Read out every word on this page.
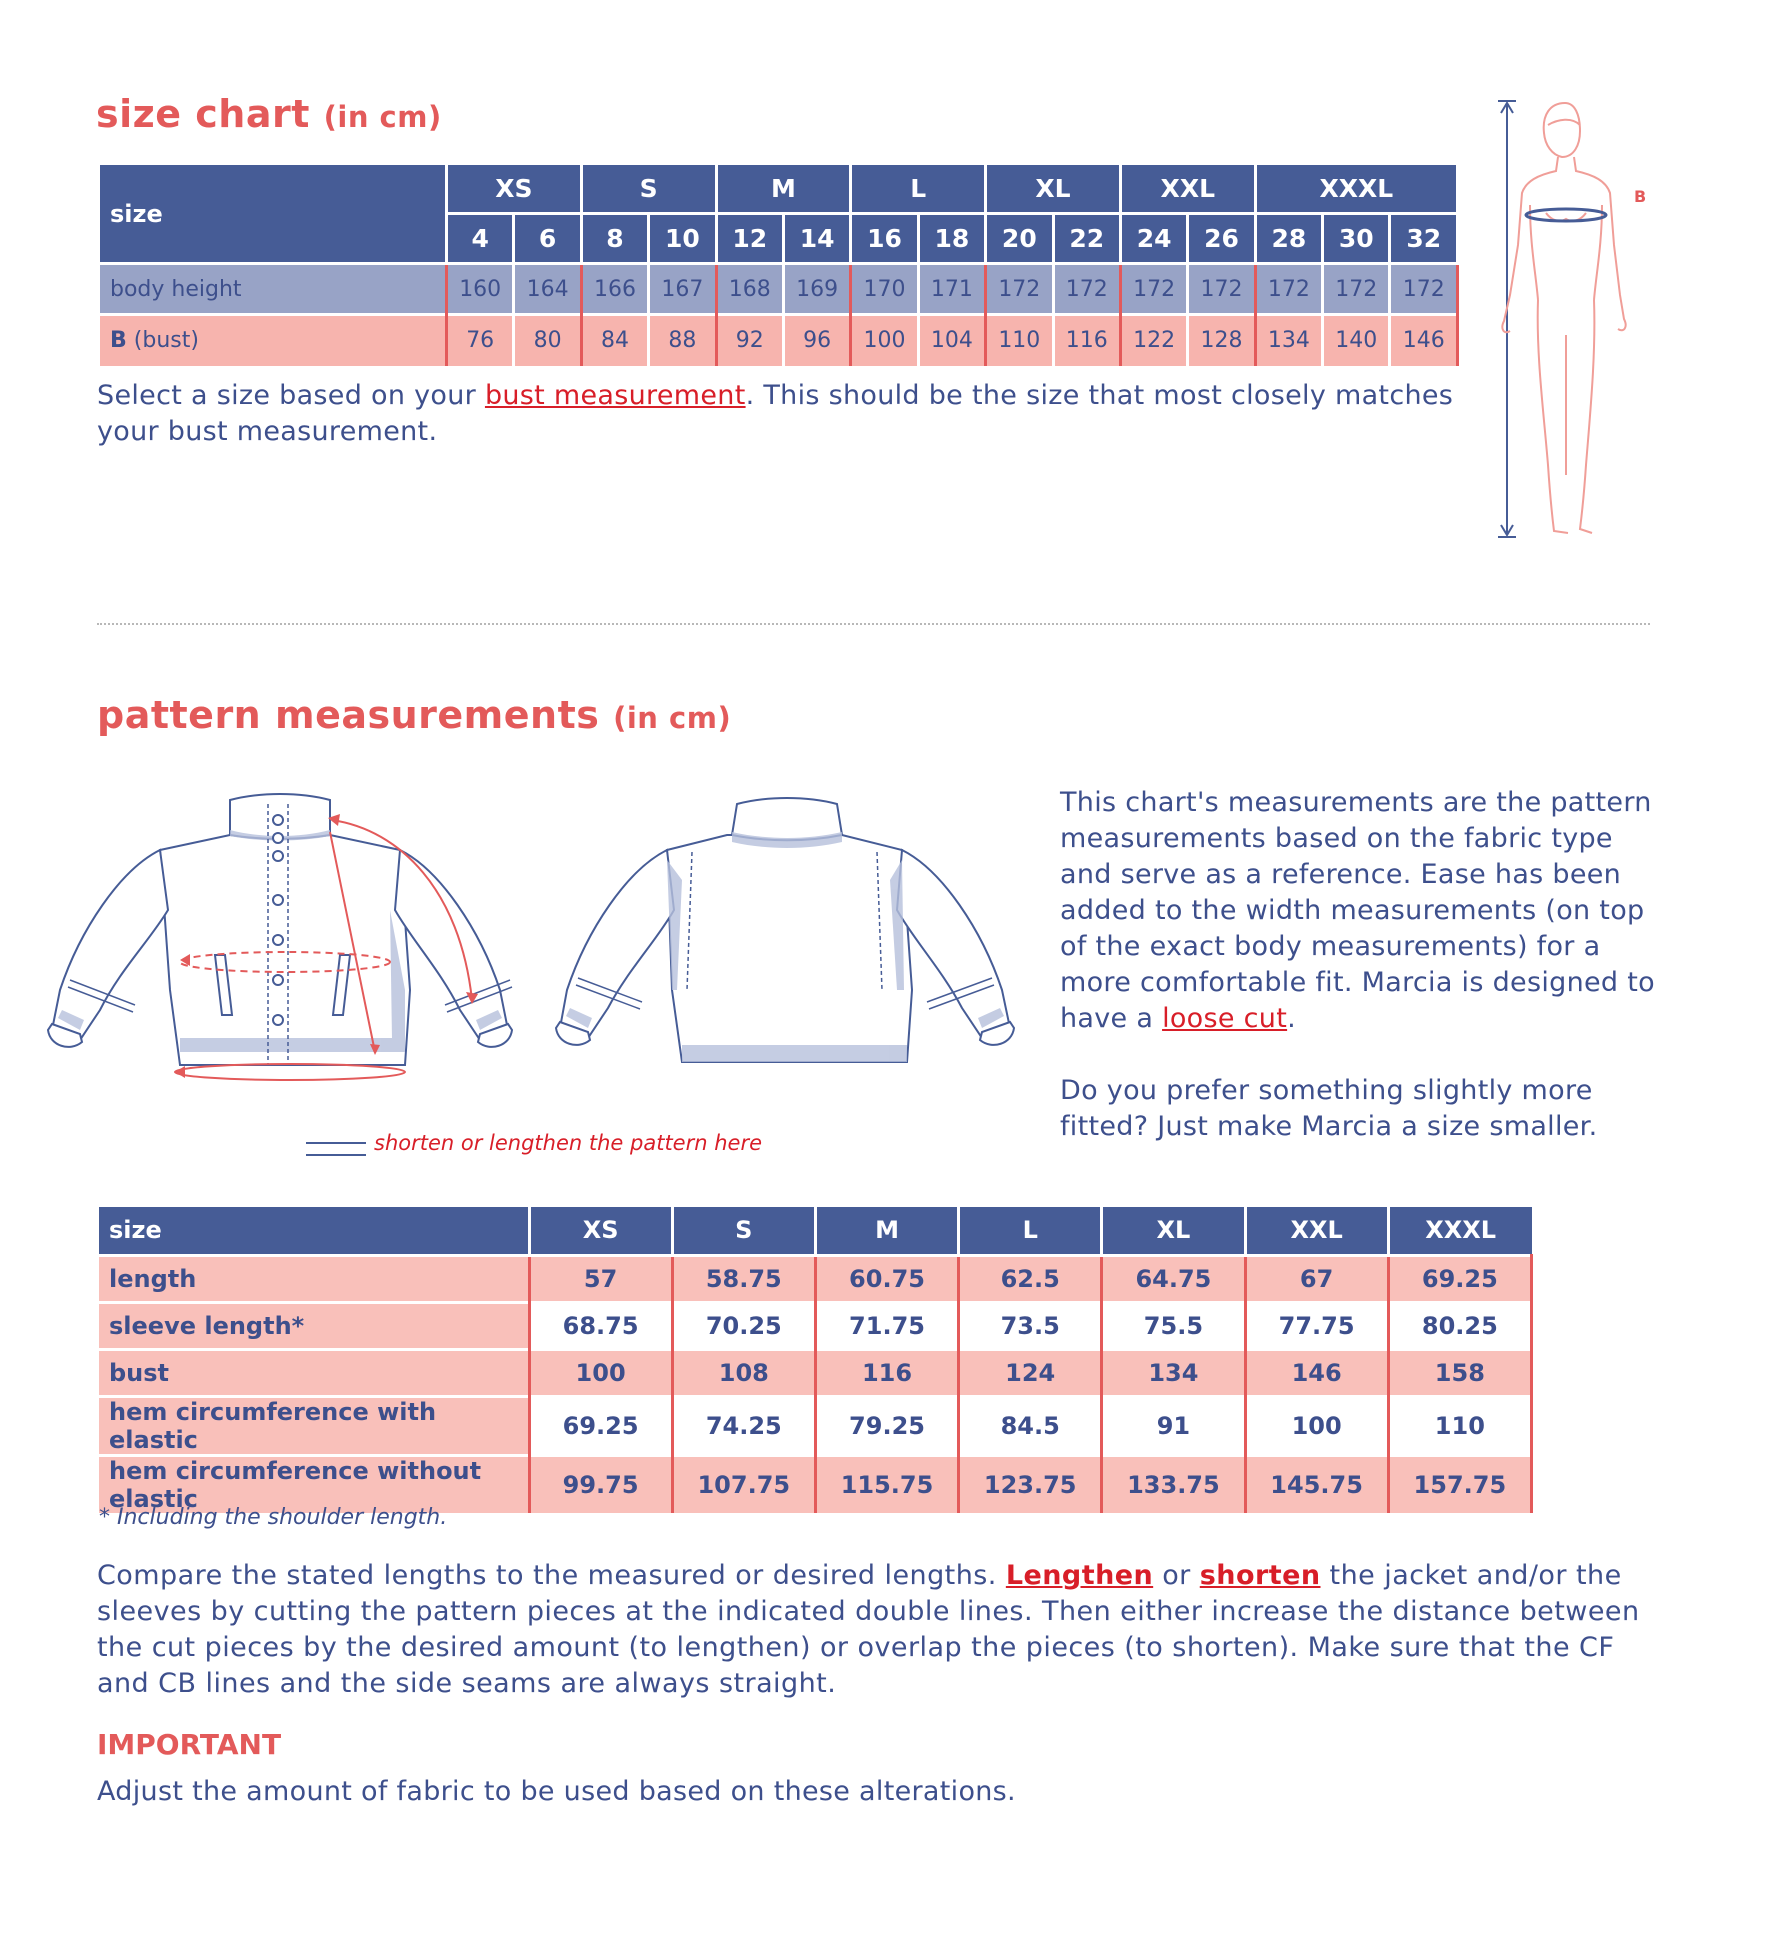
size chart (in cm)
size	XS		S		M		L		XL		XXL		XXXL		
	4	6	8	10	12	14	16	18	20	22	24	26	28	30	32
body height	160	164	166	167	168	169	170	171	172	172	172	172	172	172	172
B (bust)	76	80	84	88	92	96	100	104	110	116	122	128	134	140	146

Select a size based on your bust measurement. This should be the size that most closely matches your bust measurement.

B
pattern measurements (in cm)

shorten or lengthen the pattern here

This chart's measurements are the pattern measurements based on the fabric type and serve as a reference. Ease has been added to the width measurements (on top of the exact body measurements) for a more comfortable fit. Marcia is designed to have a loose cut.

Do you prefer something slightly more fitted? Just make Marcia a size smaller.

size	XS	S	M	L	XL	XXL	XXXL
length	57	58.75	60.75	62.5	64.75	67	69.25
sleeve length*	68.75	70.25	71.75	73.5	75.5	77.75	80.25
bust	100	108	116	124	134	146	158
hem circumference with elastic	69.25	74.25	79.25	84.5	91	100	110
hem circumference without elastic	99.75	107.75	115.75	123.75	133.75	145.75	157.75

* Including the shoulder length.

Compare the stated lengths to the measured or desired lengths. Lengthen or shorten the jacket and/or the sleeves by cutting the pattern pieces at the indicated double lines. Then either increase the distance between the cut pieces by the desired amount (to lengthen) or overlap the pieces (to shorten). Make sure that the CF and CB lines and the side seams are always straight.

IMPORTANT

Adjust the amount of fabric to be used based on these alterations.
